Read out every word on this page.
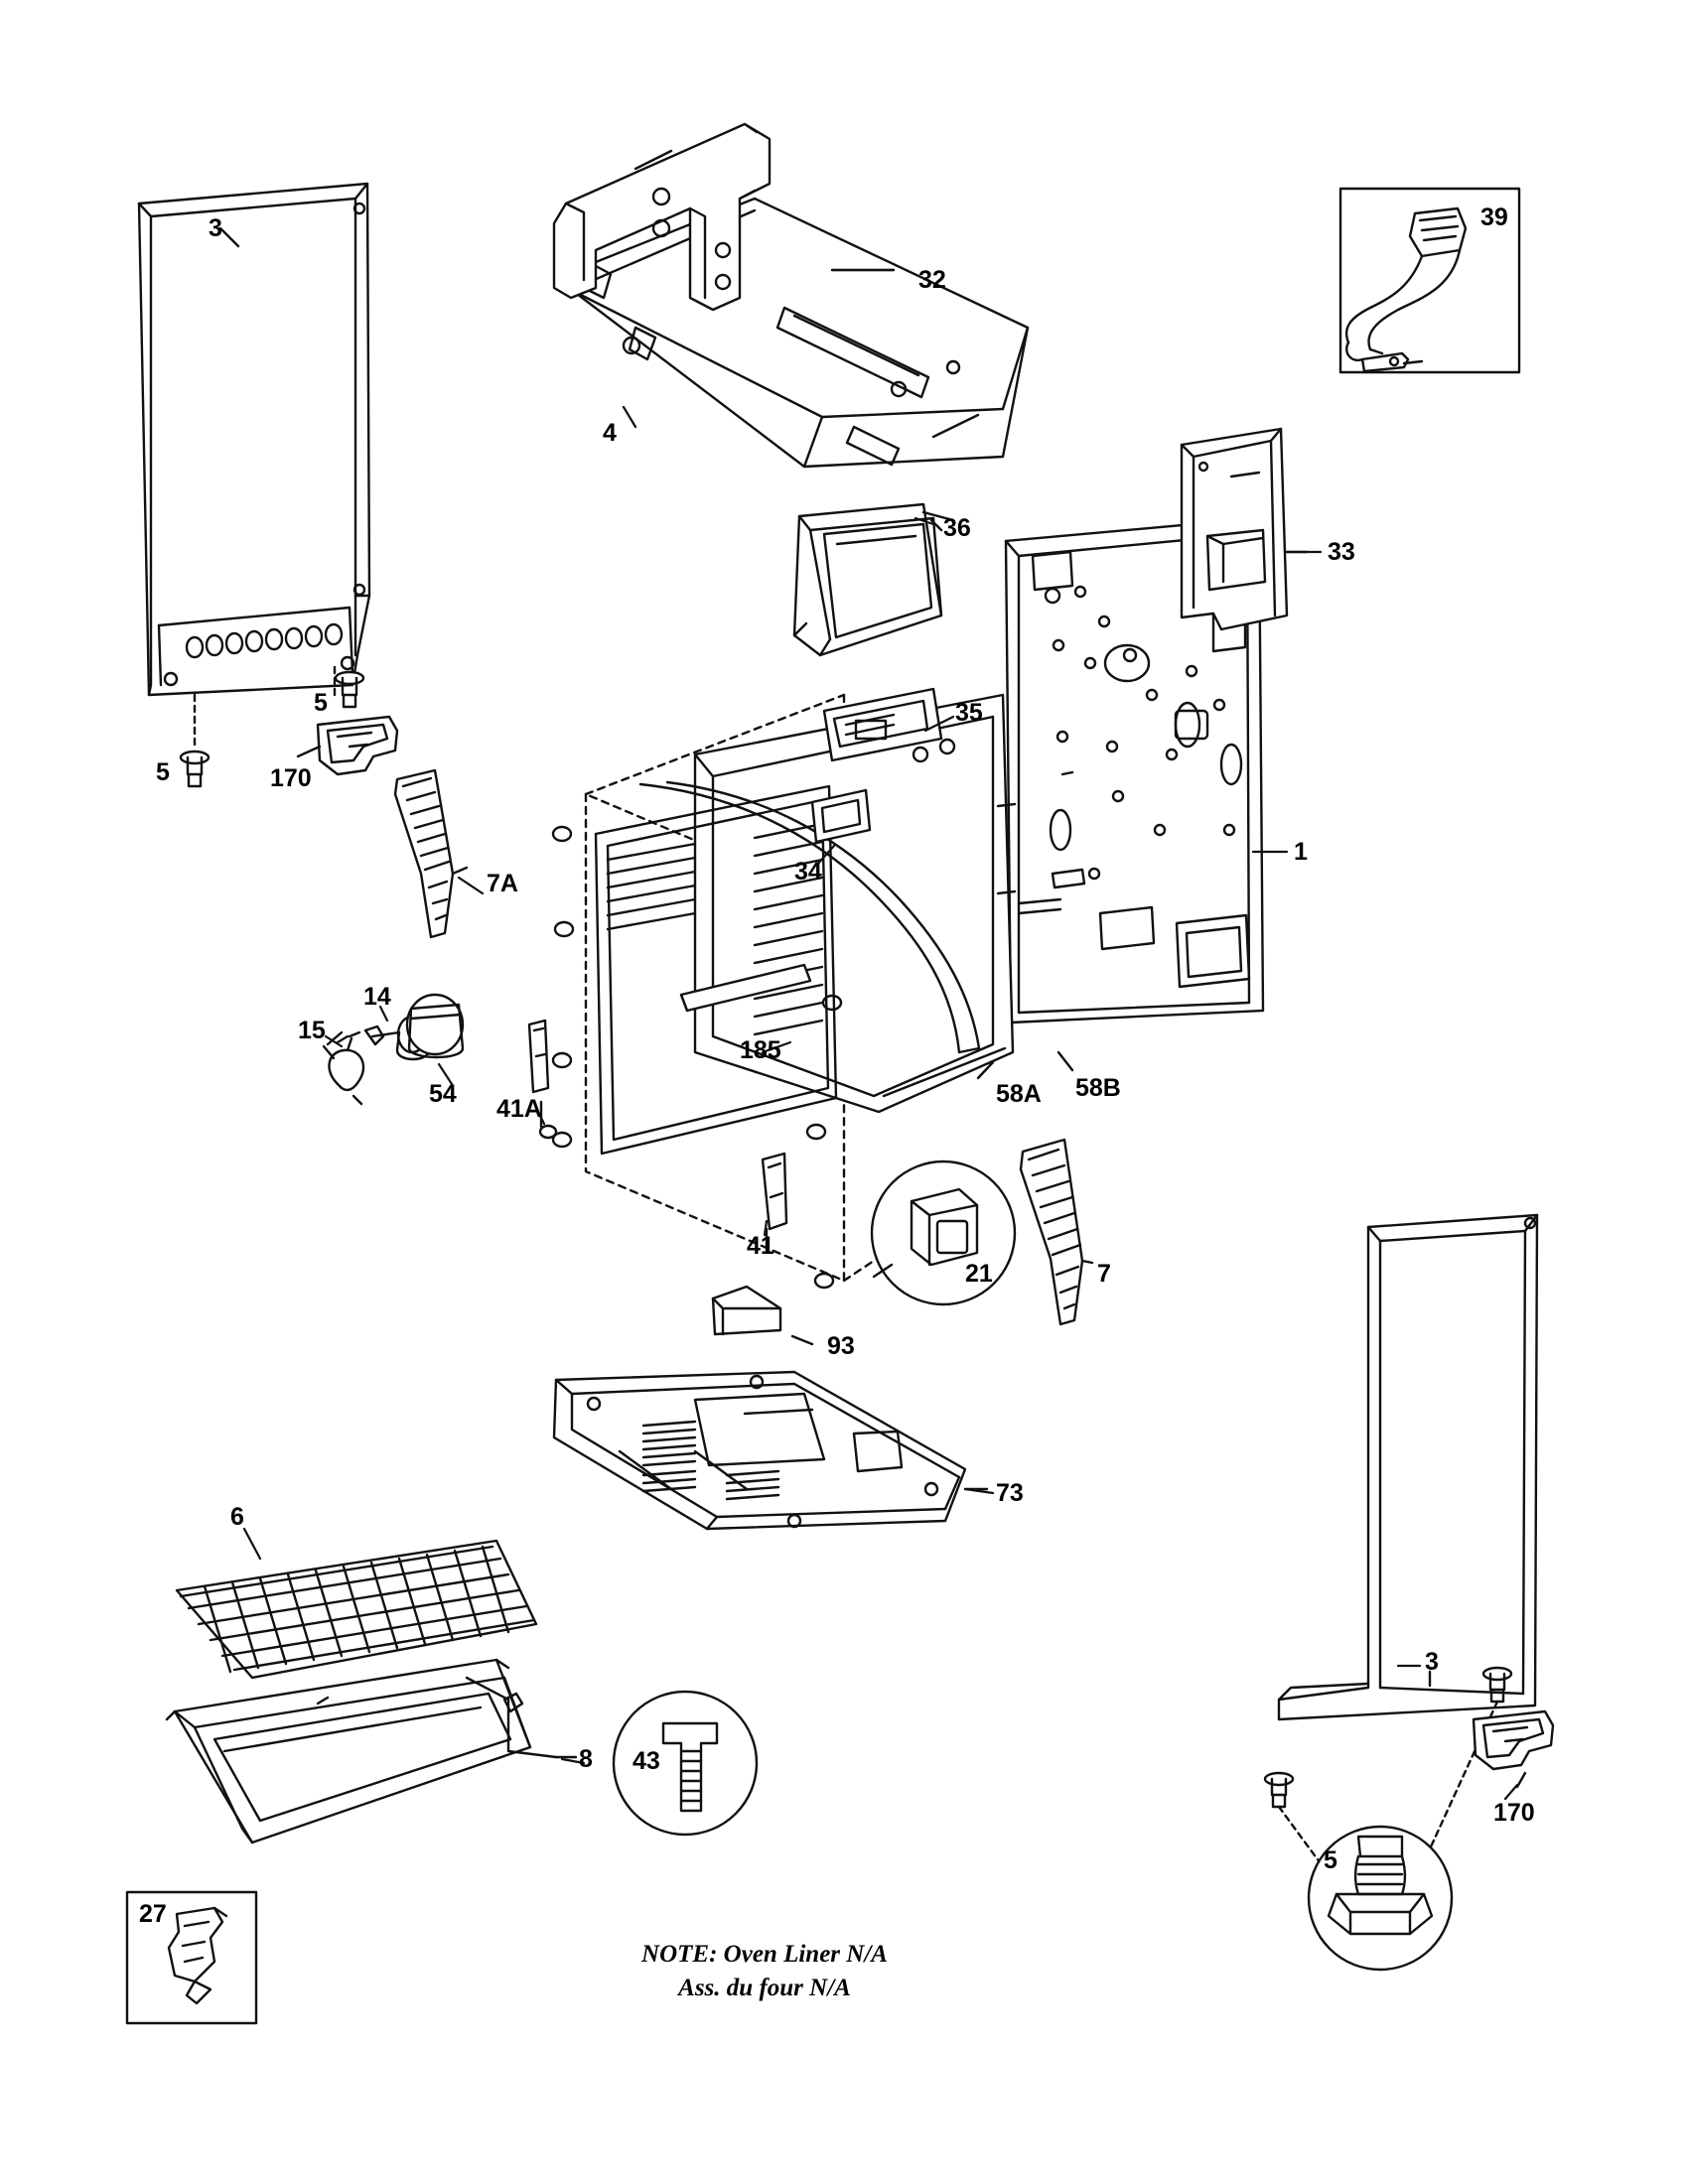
3
32
4
39
36
33
5
5	170
35
1
34
7A
14
15
185
54
41A
58A 58B
41
21	7
93
73
6
3
8 43
170
5
27
NOTE: Oven Liner N/A
Ass. du four N/A
